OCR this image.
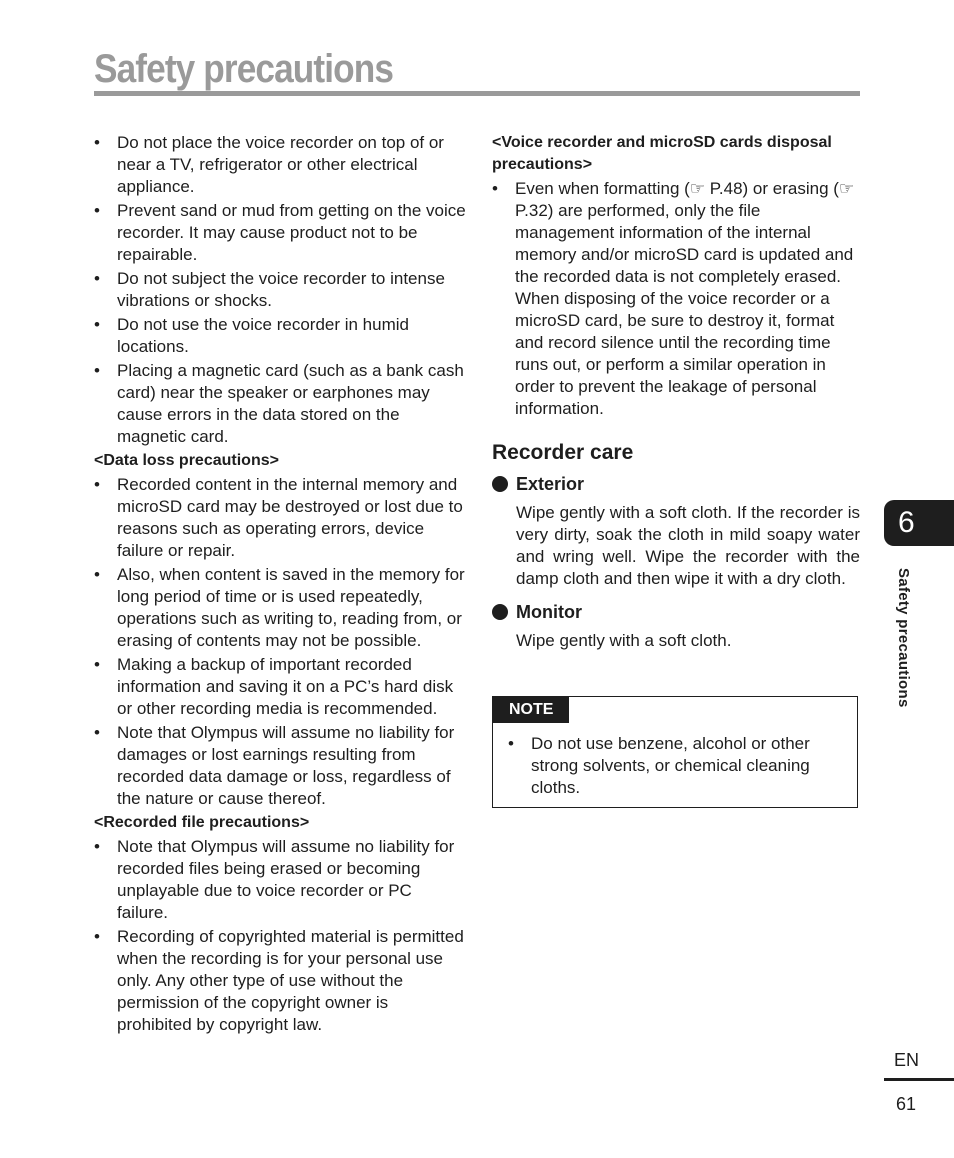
Safety precautions
•	Do not place the voice recorder on top of or near a TV, refrigerator or other electrical appliance.
•	Prevent sand or mud from getting on the voice recorder. It may cause product not to be repairable.
•	Do not subject the voice recorder to intense vibrations or shocks.
•	Do not use the voice recorder in humid locations.
•	Placing a magnetic card (such as a bank cash card) near the speaker or earphones may cause errors in the data stored on the magnetic card.
<Data loss precautions>
•	Recorded content in the internal memory and microSD card may be destroyed or lost due to reasons such as operating errors, device failure or repair.
•	Also, when content is saved in the memory for long period of time or is used repeatedly, operations such as writing to, reading from, or erasing of contents may not be possible.
•	Making a backup of important recorded information and saving it on a PC’s hard disk or other recording media is recommended.
•	Note that Olympus will assume no liability for damages or lost earnings resulting from recorded data damage or loss, regardless of the nature or cause thereof.
<Recorded file precautions>
•	Note that Olympus will assume no liability for recorded files being erased or becoming unplayable due to voice recorder or PC failure.
•	Recording of copyrighted material is permitted when the recording is for your personal use only. Any other type of use without the permission of the copyright owner is prohibited by copyright law.
<Voice recorder and microSD cards disposal precautions>
•	Even when formatting (☞ P.48) or erasing (☞ P.32) are performed, only the file management information of the internal memory and/or microSD card is updated and the recorded data is not completely erased.
When disposing of the voice recorder or a microSD card, be sure to destroy it, format and record silence until the recording time runs out, or perform a similar operation in order to prevent the leakage of personal information.
Recorder care
Exterior

Wipe gently with a soft cloth. If the recorder is very dirty, soak the cloth in mild soapy water and wring well. Wipe the recorder with the damp cloth and then wipe it with a dry cloth.

Monitor

Wipe gently with a soft cloth.

NOTE
•	Do not use benzene, alcohol or other strong solvents, or chemical cleaning cloths.
6
Safety precautions
EN
61
